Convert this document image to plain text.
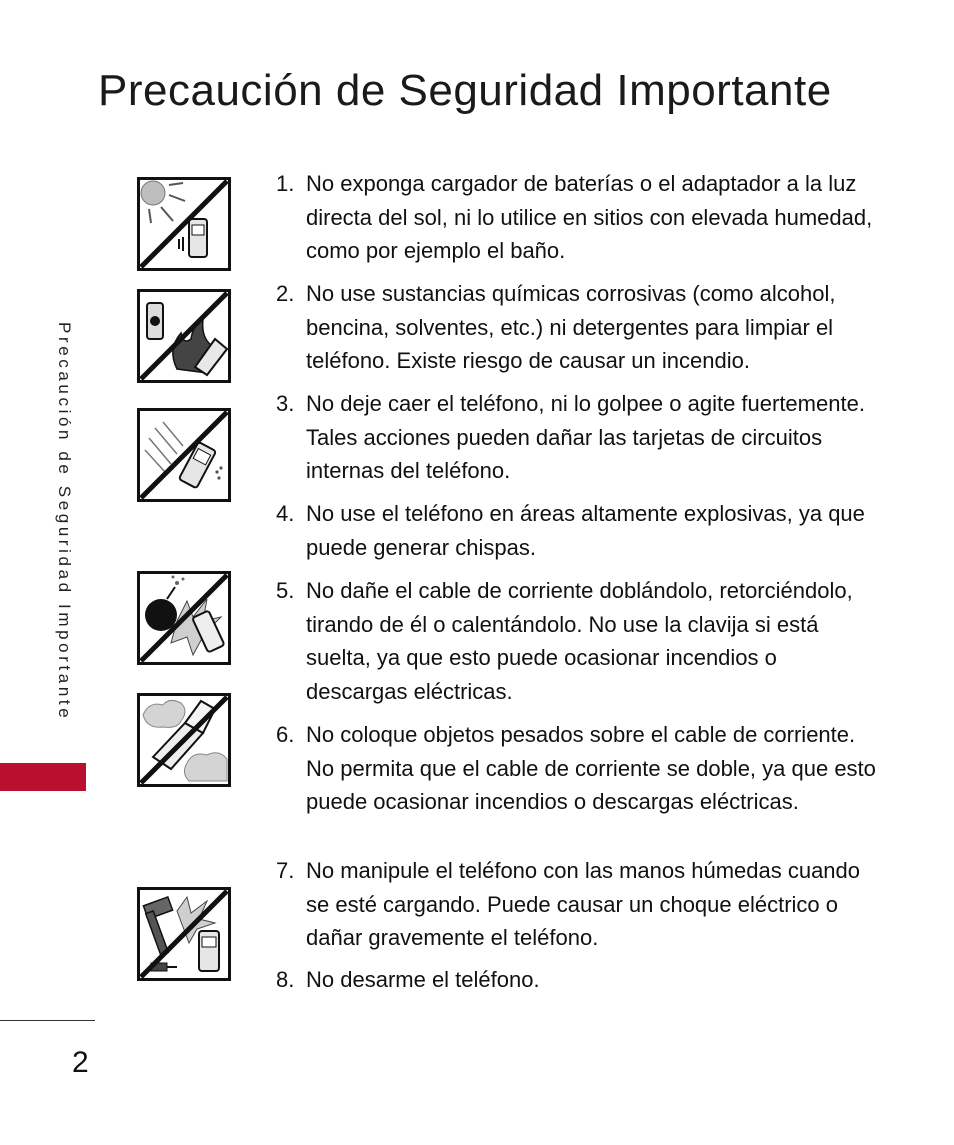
Precaución de Seguridad Importante
Precaución de Seguridad Importante
2
1. No exponga cargador de baterías o el adaptador a la luz directa del sol, ni lo utilice en sitios con elevada humedad, como por ejemplo el baño.
2. No use sustancias químicas corrosivas (como alcohol, bencina, solventes, etc.) ni detergentes para limpiar el teléfono. Existe riesgo de causar un incendio.
3. No deje caer el teléfono, ni lo golpee o agite fuertemente. Tales acciones pueden dañar las tarjetas de circuitos internas del teléfono.
4. No use el teléfono en áreas altamente explosivas, ya que puede generar chispas.
5. No dañe el cable de corriente doblándolo, retorciéndolo, tirando de él o calentándolo. No use la clavija si está suelta, ya que esto puede ocasionar incendios o descargas eléctricas.
6. No coloque objetos pesados sobre el cable de corriente. No permita que el cable de corriente se doble, ya que esto puede ocasionar incendios o descargas eléctricas.
7. No manipule el teléfono con las manos húmedas cuando se esté cargando. Puede causar un choque eléctrico o dañar gravemente el teléfono.
8. No desarme el teléfono.
